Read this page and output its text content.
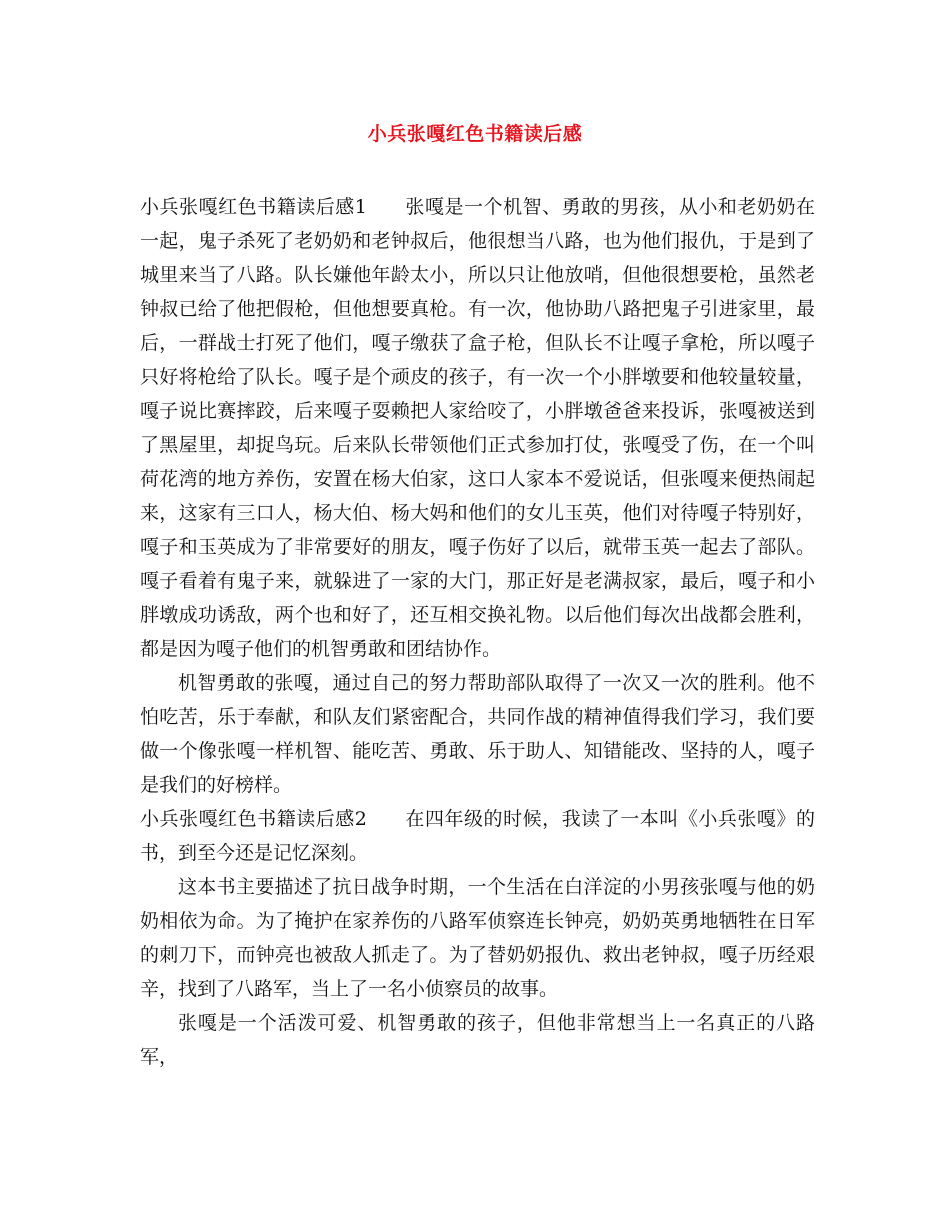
小兵张嘎红色书籍读后感

小兵张嘎红色书籍读后感1 张嘎是一个机智、勇敢的男孩，从小和老奶奶在一起，鬼子杀死了老奶奶和老钟叔后，他很想当八路，也为他们报仇，于是到了城里来当了八路。队长嫌他年龄太小，所以只让他放哨，但他很想要枪，虽然老钟叔已给了他把假枪，但他想要真枪。有一次，他协助八路把鬼子引进家里，最后，一群战士打死了他们，嘎子缴获了盒子枪，但队长不让嘎子拿枪，所以嘎子只好将枪给了队长。嘎子是个顽皮的孩子，有一次一个小胖墩要和他较量较量，嘎子说比赛摔跤，后来嘎子耍赖把人家给咬了，小胖墩爸爸来投诉，张嘎被送到了黑屋里，却捉鸟玩。后来队长带领他们正式参加打仗，张嘎受了伤，在一个叫荷花湾的地方养伤，安置在杨大伯家，这口人家本不爱说话，但张嘎来便热闹起来，这家有三口人，杨大伯、杨大妈和他们的女儿玉英，他们对待嘎子特别好，嘎子和玉英成为了非常要好的朋友，嘎子伤好了以后，就带玉英一起去了部队。嘎子看着有鬼子来，就躲进了一家的大门，那正好是老满叔家，最后，嘎子和小胖墩成功诱敌，两个也和好了，还互相交换礼物。以后他们每次出战都会胜利，都是因为嘎子他们的机智勇敢和团结协作。

机智勇敢的张嘎，通过自己的努力帮助部队取得了一次又一次的胜利。他不怕吃苦，乐于奉献，和队友们紧密配合，共同作战的精神值得我们学习，我们要做一个像张嘎一样机智、能吃苦、勇敢、乐于助人、知错能改、坚持的人，嘎子是我们的好榜样。

小兵张嘎红色书籍读后感2 在四年级的时候，我读了一本叫《小兵张嘎》的书，到至今还是记忆深刻。

这本书主要描述了抗日战争时期，一个生活在白洋淀的小男孩张嘎与他的奶奶相依为命。为了掩护在家养伤的八路军侦察连长钟亮，奶奶英勇地牺牲在日军的刺刀下，而钟亮也被敌人抓走了。为了替奶奶报仇、救出老钟叔，嘎子历经艰辛，找到了八路军，当上了一名小侦察员的故事。

张嘎是一个活泼可爱、机智勇敢的孩子，但他非常想当上一名真正的八路军，
